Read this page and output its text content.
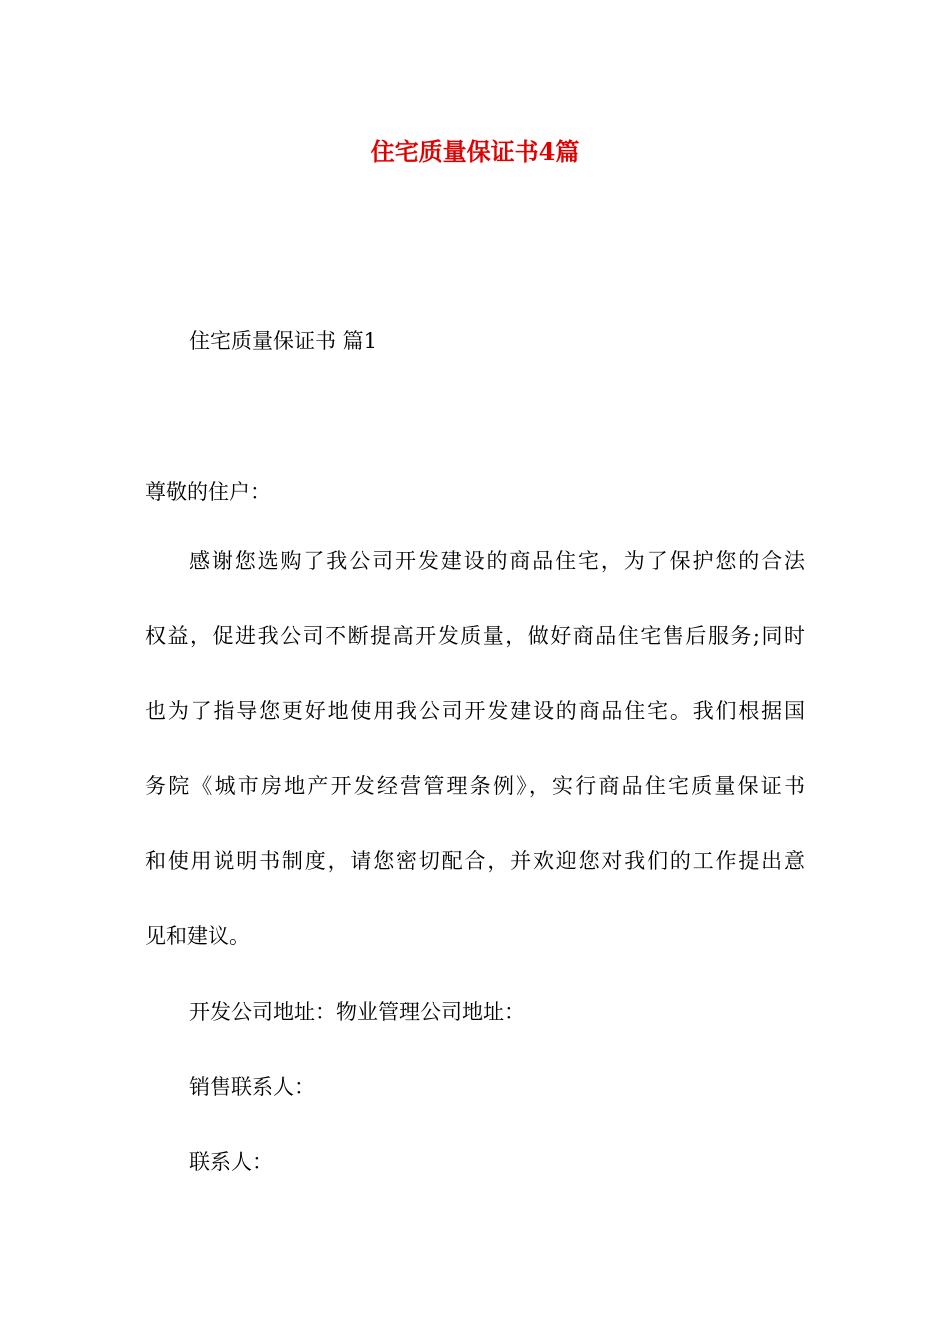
住宅质量保证书4篇
住宅质量保证书 篇1
尊敬的住户：
感谢您选购了我公司开发建设的商品住宅，为了保护您的合法
权益，促进我公司不断提高开发质量，做好商品住宅售后服务;同时
也为了指导您更好地使用我公司开发建设的商品住宅。我们根据国
务院《城市房地产开发经营管理条例》，实行商品住宅质量保证书
和使用说明书制度，请您密切配合，并欢迎您对我们的工作提出意
见和建议。
开发公司地址：物业管理公司地址：
销售联系人：
联系人：
